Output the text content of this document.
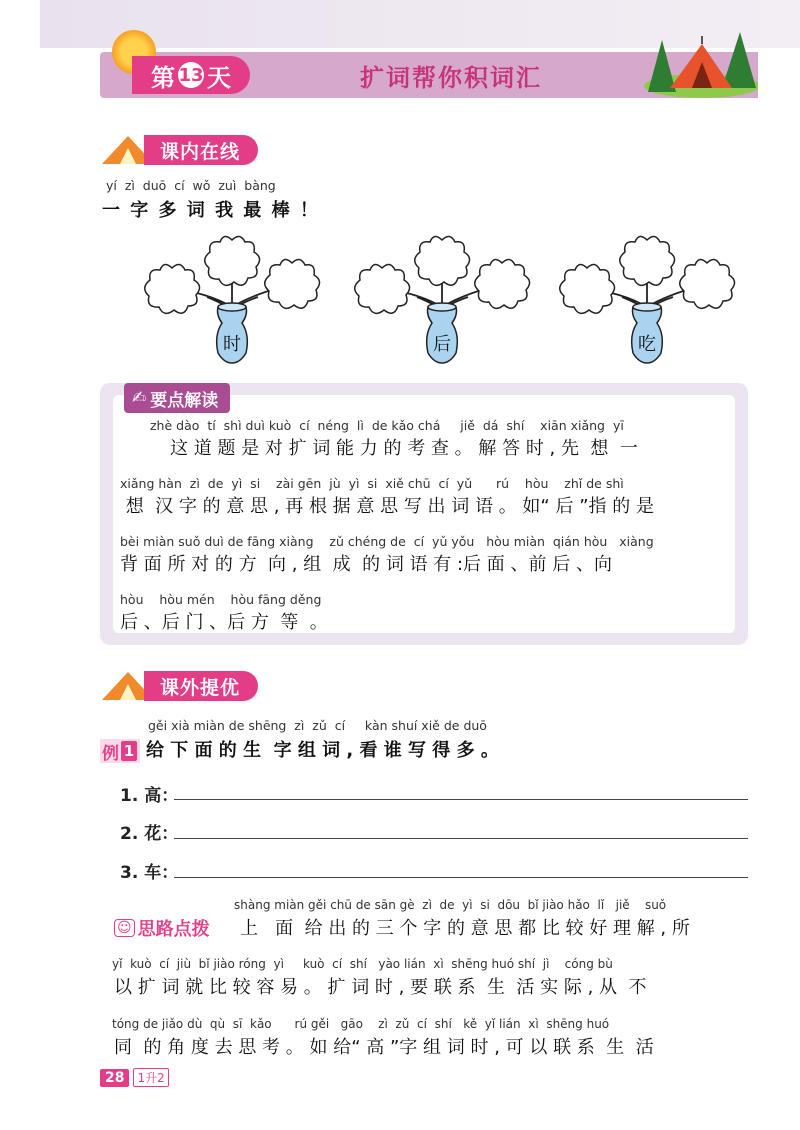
第 13 天	扩词帮你积词汇
课内在线
yí  zì  duō  cí  wǒ  zuì  bàng
一 字 多 词 我 最 棒 ！
时	后	吃
✍ 要点解读
zhè dào  tí  shì duì kuò  cí  néng  lì  de kǎo chá     jiě  dá  shí    xiān xiǎng  yī
这 道 题 是 对 扩 词 能 力 的 考 查 。 解 答 时 , 先  想  一
xiǎng hàn  zì  de  yì  si    zài gēn  jù  yì  si  xiě chū  cí  yǔ      rú    hòu    zhǐ de shì
想  汉 字 的 意 思 , 再 根 据 意 思 写 出 词 语 。 如“ 后 ”指 的 是
bèi miàn suǒ duì de fāng xiàng    zǔ chéng de  cí  yǔ yǒu   hòu miàn  qián hòu   xiàng
背 面 所 对 的 方  向 , 组  成  的 词 语 有 :后 面 、前 后 、向
hòu    hòu mén    hòu fāng děng
后 、后 门 、后 方  等  。
课外提优
gěi xià miàn de shēng  zì  zǔ  cí     kàn shuí xiě de duō
例 1 给 下 面 的 生  字 组 词 , 看 谁 写 得 多 。
1. 高：
2. 花：
3. 车：
☺ 思路点拨
shàng miàn gěi chū de sān gè  zì  de  yì  si  dōu  bǐ jiào hǎo  lǐ   jiě    suǒ
上   面  给 出 的 三 个 字 的 意 思 都 比 较 好 理 解 , 所
yǐ  kuò  cí  jiù  bǐ jiào róng  yì     kuò  cí  shí   yào lián  xì  shēng huó shí  jì    cóng bù
以 扩 词 就 比 较 容 易 。 扩 词 时 , 要 联 系  生  活 实 际 , 从  不
tóng de jiǎo dù  qù  sī  kǎo      rú gěi   gāo    zì  zǔ  cí  shí   kě  yǐ lián  xì  shēng huó
同  的 角 度 去 思 考 。 如 给“ 高 ”字 组 词 时 , 可 以 联 系  生  活
28	1升2
